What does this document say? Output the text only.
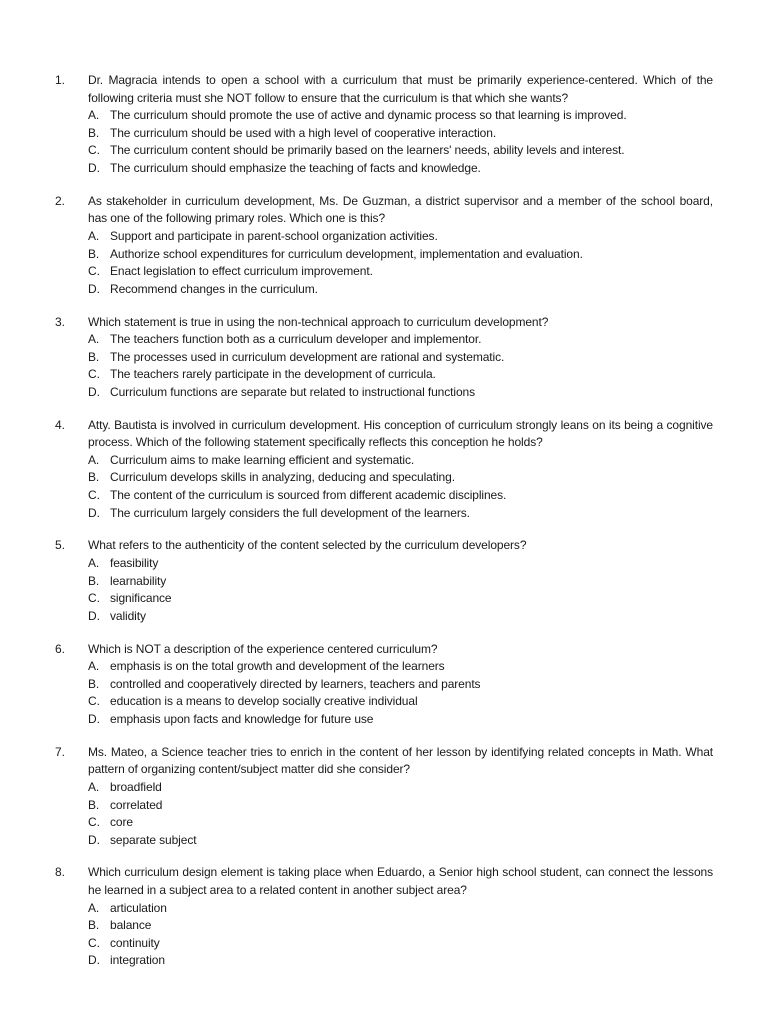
1.	Dr. Magracia intends to open a school with a curriculum that must be primarily experience-centered. Which of the following criteria must she NOT follow to ensure that the curriculum is that which she wants?
A. The curriculum should promote the use of active and dynamic process so that learning is improved.
B. The curriculum should be used with a high level of cooperative interaction.
C. The curriculum content should be primarily based on the learners' needs, ability levels and interest.
D. The curriculum should emphasize the teaching of facts and knowledge.
2.	As stakeholder in curriculum development, Ms. De Guzman, a district supervisor and a member of the school board, has one of the following primary roles. Which one is this?
A. Support and participate in parent-school organization activities.
B. Authorize school expenditures for curriculum development, implementation and evaluation.
C. Enact legislation to effect curriculum improvement.
D. Recommend changes in the curriculum.
3.	Which statement is true in using the non-technical approach to curriculum development?
A. The teachers function both as a curriculum developer and implementor.
B. The processes used in curriculum development are rational and systematic.
C. The teachers rarely participate in the development of curricula.
D. Curriculum functions are separate but related to instructional functions
4.	Atty. Bautista is involved in curriculum development. His conception of curriculum strongly leans on its being a cognitive process. Which of the following statement specifically reflects this conception he holds?
A. Curriculum aims to make learning efficient and systematic.
B. Curriculum develops skills in analyzing, deducing and speculating.
C. The content of the curriculum is sourced from different academic disciplines.
D. The curriculum largely considers the full development of the learners.
5.	What refers to the authenticity of the content selected by the curriculum developers?
A. feasibility
B. learnability
C. significance
D. validity
6.	Which is NOT a description of the experience centered curriculum?
A. emphasis is on the total growth and development of the learners
B. controlled and cooperatively directed by learners, teachers and parents
C. education is a means to develop socially creative individual
D. emphasis upon facts and knowledge for future use
7.	Ms. Mateo, a Science teacher tries to enrich in the content of her lesson by identifying related concepts in Math. What pattern of organizing content/subject matter did she consider?
A. broadfield
B. correlated
C. core
D. separate subject
8.	Which curriculum design element is taking place when Eduardo, a Senior high school student, can connect the lessons he learned in a subject area to a related content in another subject area?
A. articulation
B. balance
C. continuity
D. integration
